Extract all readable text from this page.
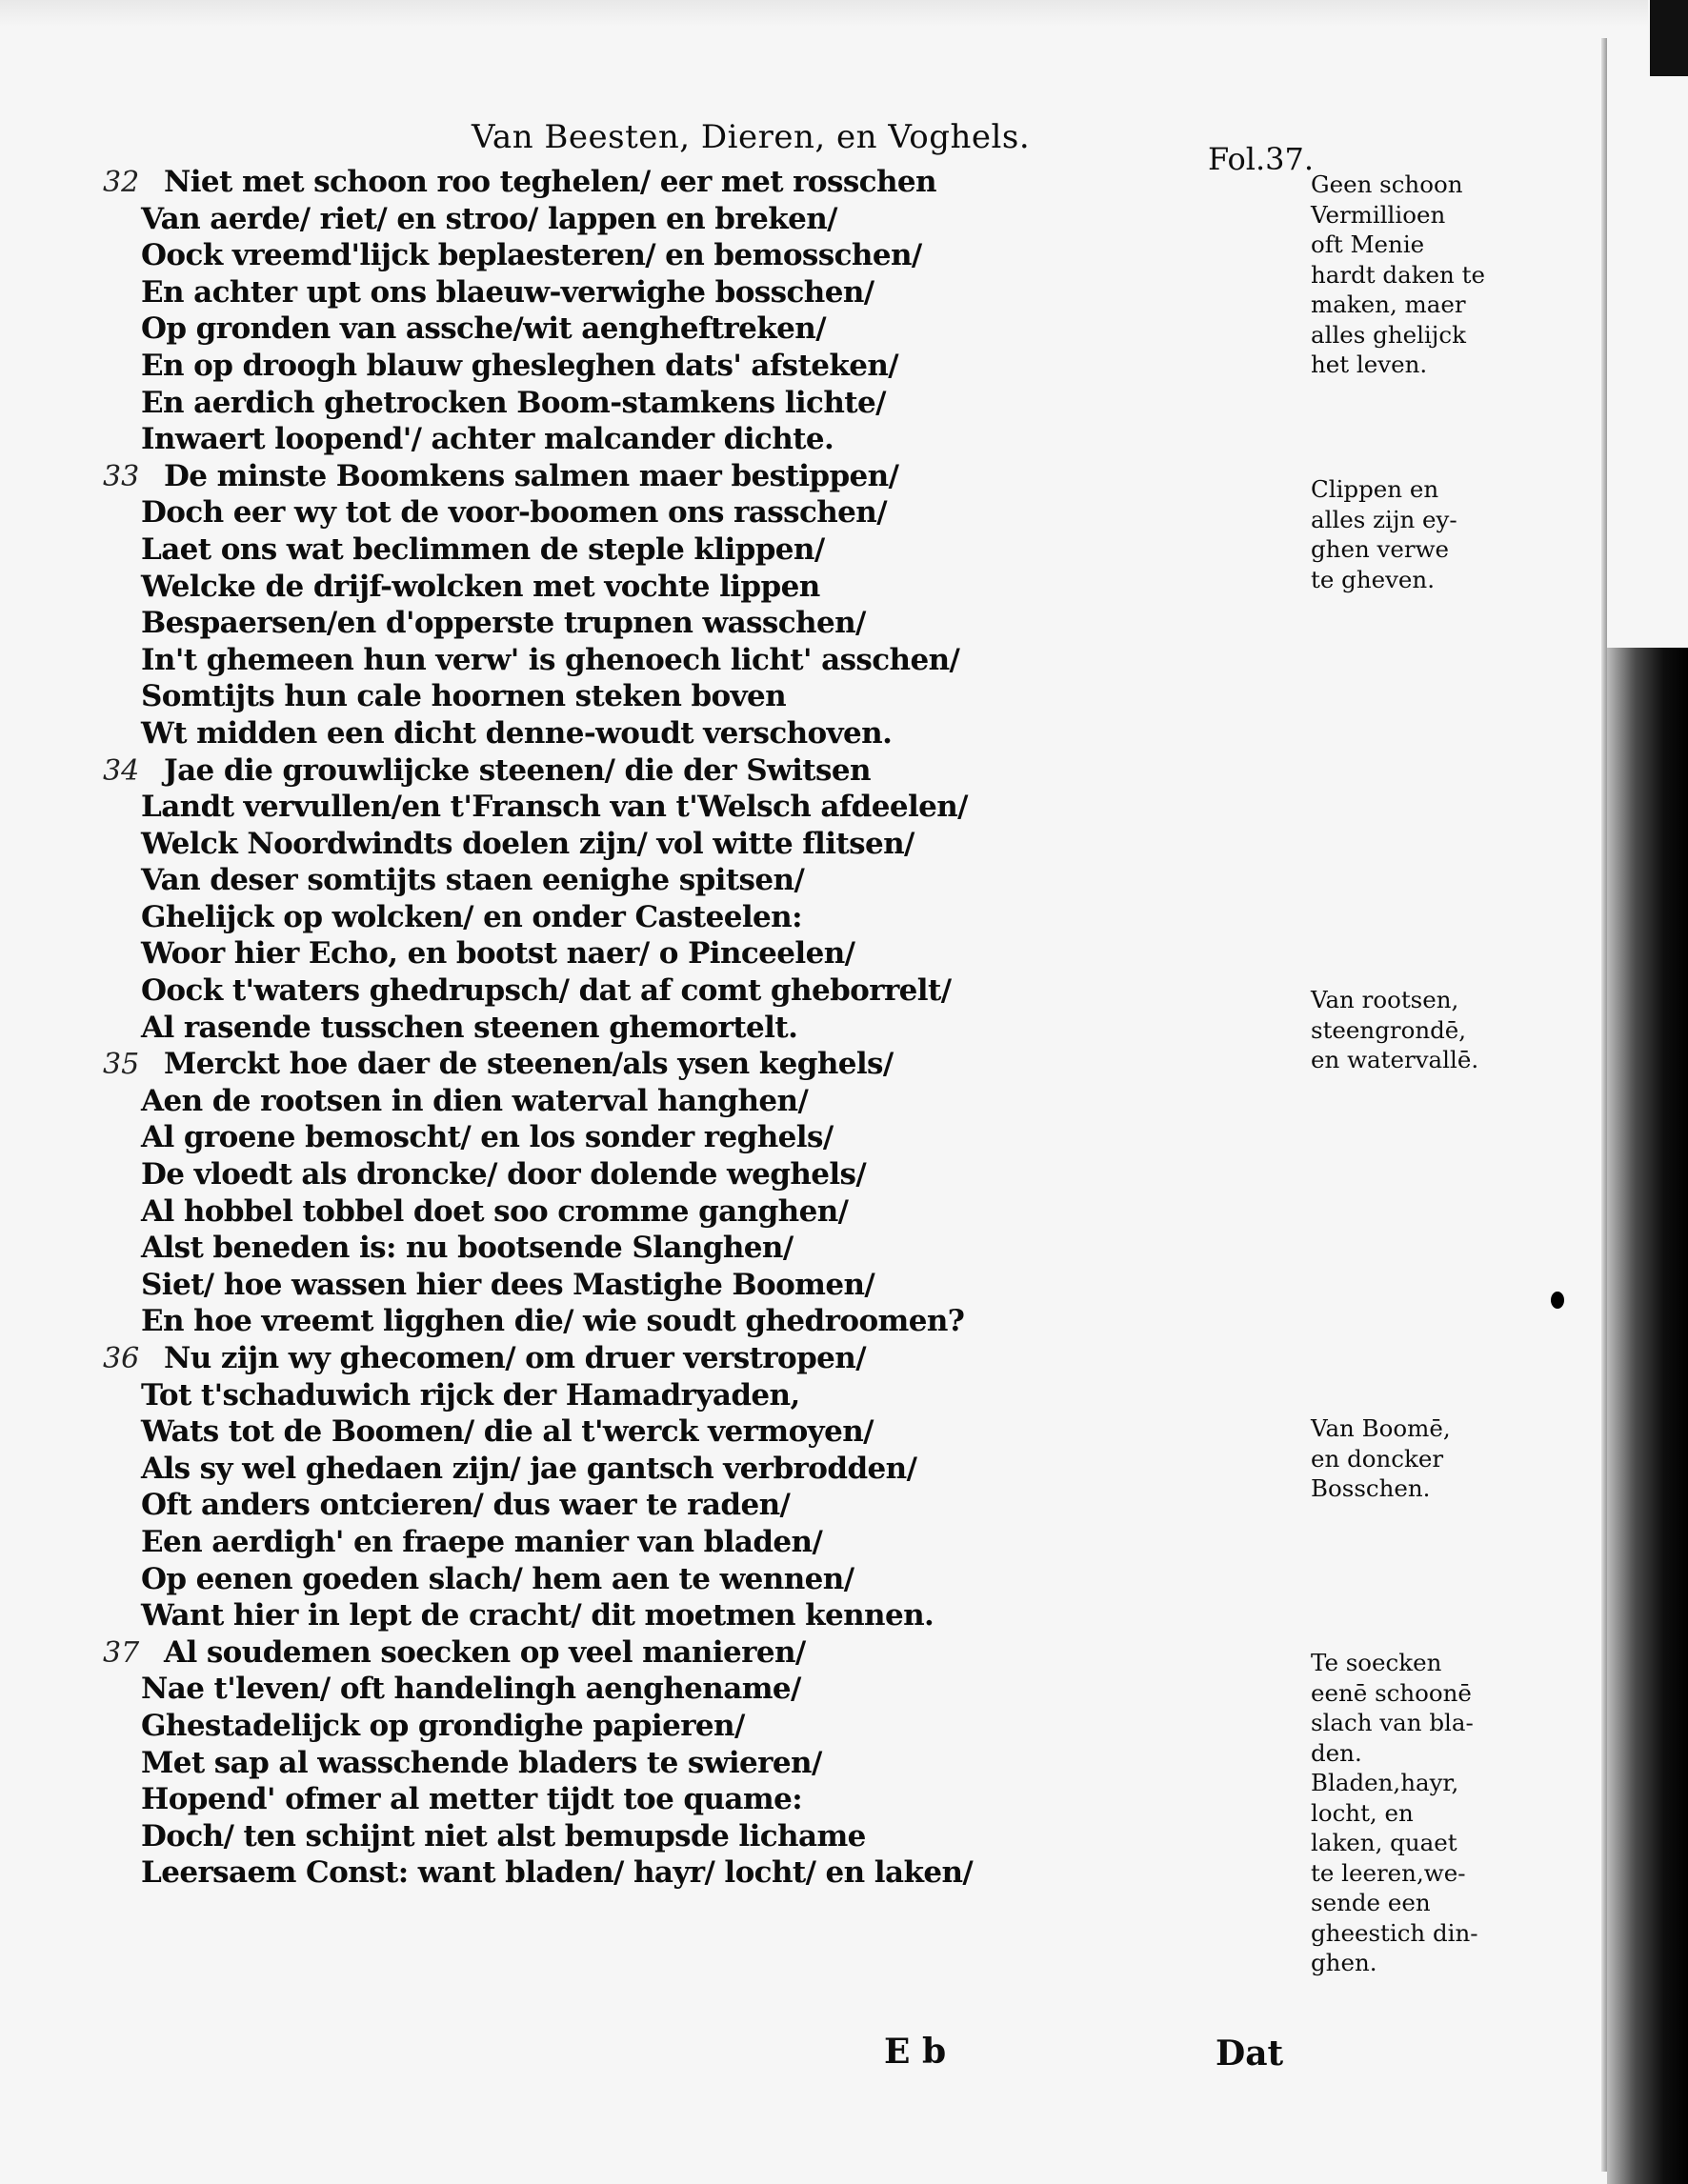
Van Beesten, Dieren, en Voghels.
Fol.37.
32 Niet met schoon roo teghelen/ eer met rosschen
Van aerde/ riet/ en stroo/ lappen en breken/
Oock vreemd'lijck beplaesteren/ en bemosschen/
En achter upt ons blaeuw-verwighe bosschen/
Op gronden van assche/wit aengheftreken/
En op droogh blauw ghesleghen dats' afsteken/
En aerdich ghetrocken Boom-stamkens lichte/
Inwaert loopend'/ achter malcander dichte.
33 De minste Boomkens salmen maer bestippen/
Doch eer wy tot de voor-boomen ons rasschen/
Laet ons wat beclimmen de steple klippen/
Welcke de drijf-wolcken met vochte lippen
Bespaersen/en d'opperste trupnen wasschen/
In't ghemeen hun verw' is ghenoech licht' asschen/
Somtijts hun cale hoornen steken boven
Wt midden een dicht denne-woudt verschoven.
34 Jae die grouwlijcke steenen/ die der Switsen
Landt vervullen/en t'Fransch van t'Welsch afdeelen/
Welck Noordwindts doelen zijn/ vol witte flitsen/
Van deser somtijts staen eenighe spitsen/
Ghelijck op wolcken/ en onder Casteelen:
Woor hier Echo, en bootst naer/ o Pinceelen/
Oock t'waters ghedrupsch/ dat af comt gheborrelt/
Al rasende tusschen steenen ghemortelt.
35 Merckt hoe daer de steenen/als ysen keghels/
Aen de rootsen in dien waterval hanghen/
Al groene bemoscht/ en los sonder reghels/
De vloedt als droncke/ door dolende weghels/
Al hobbel tobbel doet soo cromme ganghen/
Alst beneden is: nu bootsende Slanghen/
Siet/ hoe wassen hier dees Mastighe Boomen/
En hoe vreemt ligghen die/ wie soudt ghedroomen?
36 Nu zijn wy ghecomen/ om druer verstropen/
Tot t'schaduwich rijck der Hamadryaden,
Wats tot de Boomen/ die al t'werck vermoyen/
Als sy wel ghedaen zijn/ jae gantsch verbrodden/
Oft anders ontcieren/ dus waer te raden/
Een aerdigh' en fraepe manier van bladen/
Op eenen goeden slach/ hem aen te wennen/
Want hier in lept de cracht/ dit moetmen kennen.
37 Al soudemen soecken op veel manieren/
Nae t'leven/ oft handelingh aenghename/
Ghestadelijck op grondighe papieren/
Met sap al wasschende bladers te swieren/
Hopend' ofmer al metter tijdt toe quame:
Doch/ ten schijnt niet alst bemupsde lichame
Leersaem Const: want bladen/ hayr/ locht/ en laken/
Geen schoon
Vermillioen
oft Menie
hardt daken te
maken, maer
alles ghelijck
het leven.
Clippen en
alles zijn ey-
ghen verwe
te gheven.
Van rootsen,
steengrondē,
en watervallē.
Van Boomē,
en doncker
Bosschen.
Te soecken
eenē schoonē
slach van bla-
den.
Bladen,hayr,
locht, en
laken, quaet
te leeren,we-
sende een
gheestich din-
ghen.
E b	Dat
